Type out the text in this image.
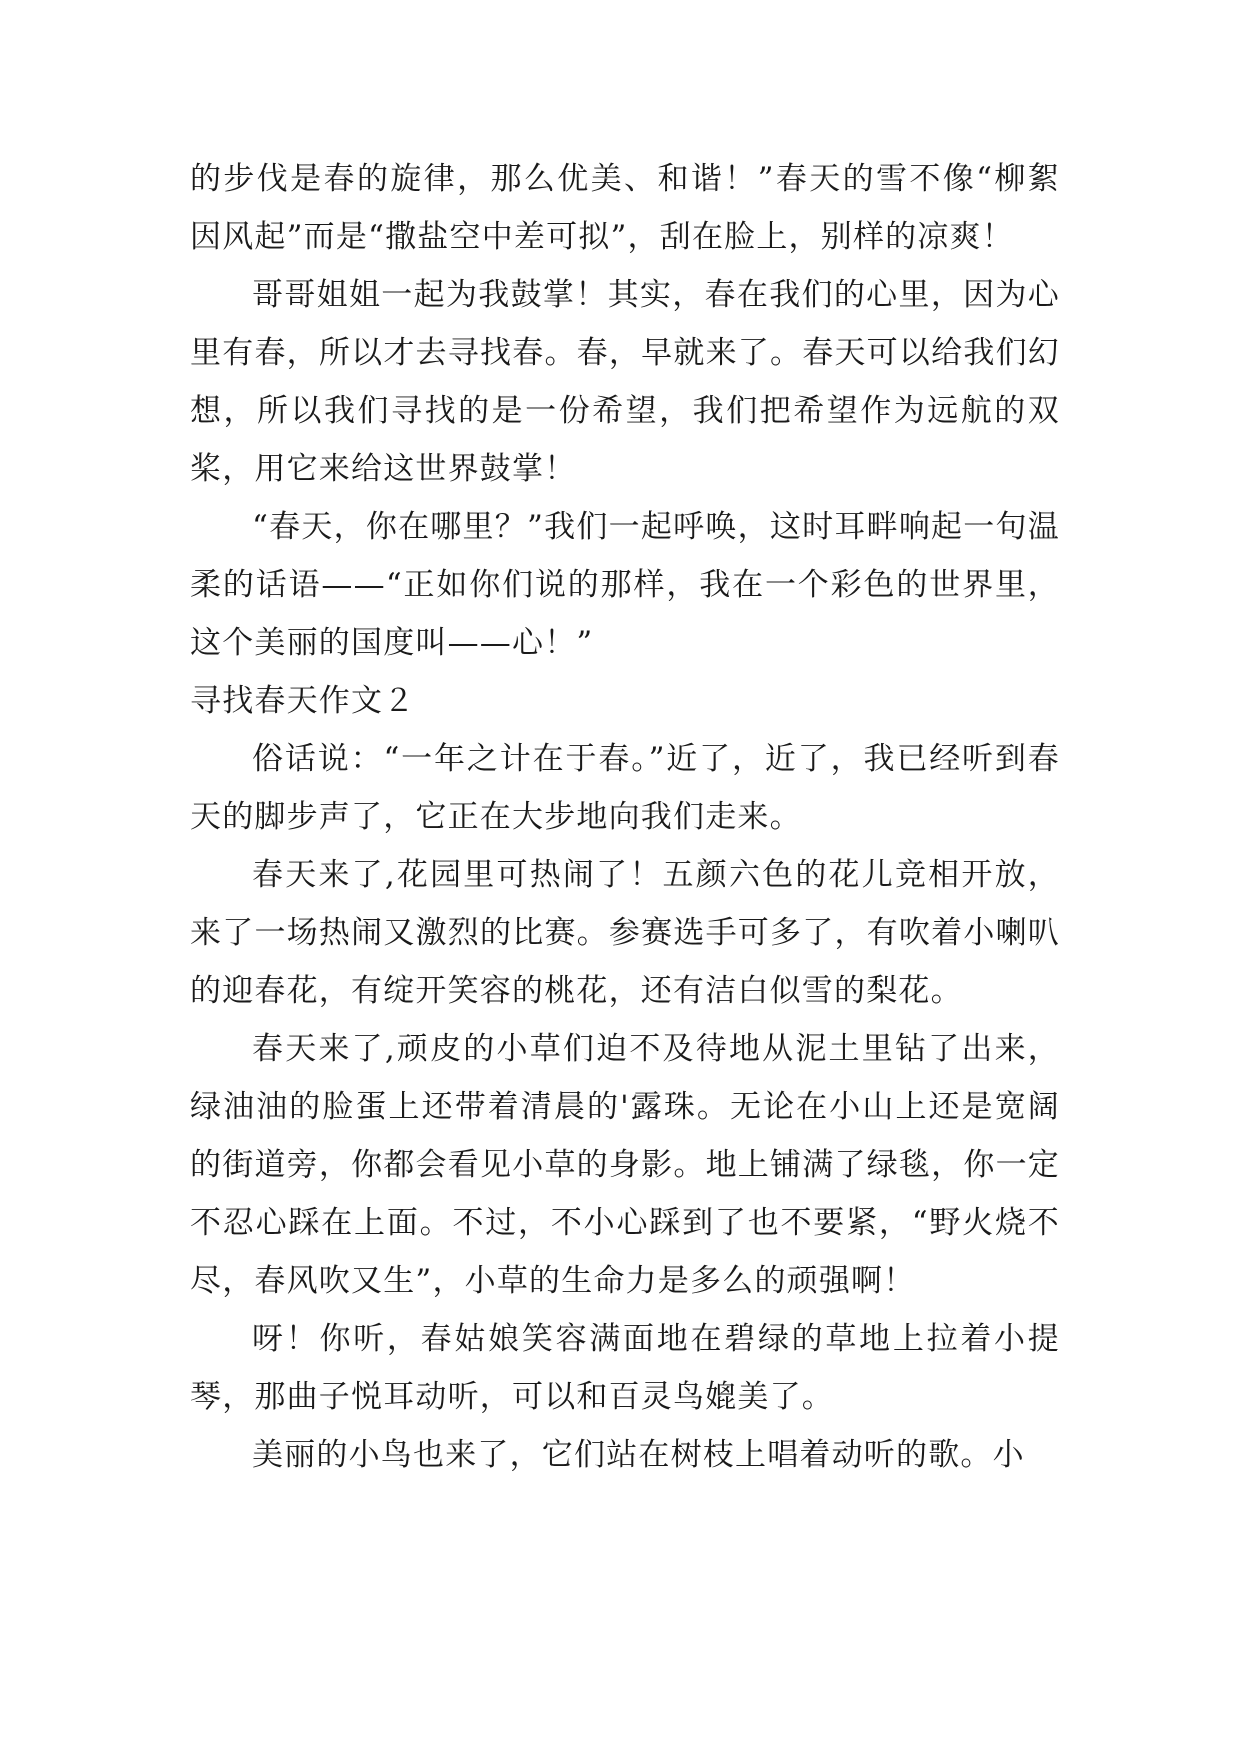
的步伐是春的旋律，那么优美、和谐！”春天的雪不像“柳絮因风起”而是“撒盐空中差可拟”，刮在脸上，别样的凉爽！

哥哥姐姐一起为我鼓掌！其实，春在我们的心里，因为心里有春，所以才去寻找春。春，早就来了。春天可以给我们幻想，所以我们寻找的是一份希望，我们把希望作为远航的双桨，用它来给这世界鼓掌！

“春天，你在哪里？”我们一起呼唤，这时耳畔响起一句温柔的话语——“正如你们说的那样，我在一个彩色的世界里，这个美丽的国度叫——心！”

寻找春天作文２

俗话说：“一年之计在于春。”近了，近了，我已经听到春天的脚步声了，它正在大步地向我们走来。

春天来了,花园里可热闹了！五颜六色的花儿竞相开放，来了一场热闹又激烈的比赛。参赛选手可多了，有吹着小喇叭的迎春花，有绽开笑容的桃花，还有洁白似雪的梨花。

春天来了,顽皮的小草们迫不及待地从泥土里钻了出来，绿油油的脸蛋上还带着清晨的'露珠。无论在小山上还是宽阔的街道旁，你都会看见小草的身影。地上铺满了绿毯，你一定不忍心踩在上面。不过，不小心踩到了也不要紧，“野火烧不尽，春风吹又生”，小草的生命力是多么的顽强啊！

呀！你听，春姑娘笑容满面地在碧绿的草地上拉着小提琴，那曲子悦耳动听，可以和百灵鸟媲美了。

美丽的小鸟也来了，它们站在树枝上唱着动听的歌。小
